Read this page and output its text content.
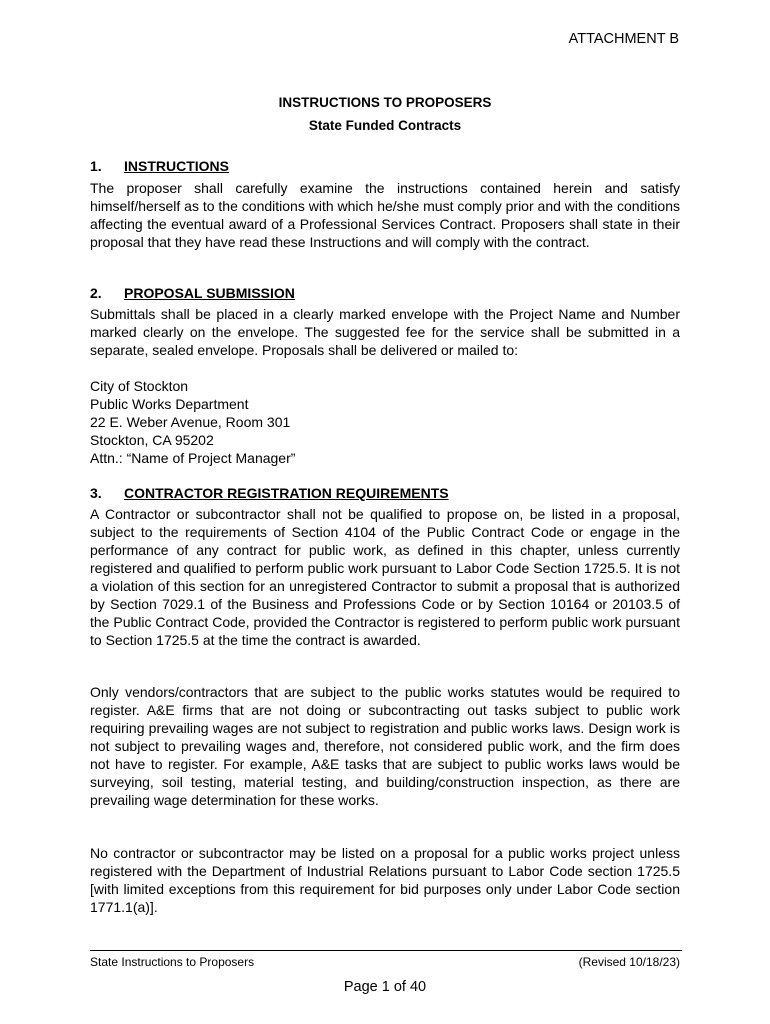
ATTACHMENT B
INSTRUCTIONS TO PROPOSERS
State Funded Contracts
1. INSTRUCTIONS
The proposer shall carefully examine the instructions contained herein and satisfy himself/herself as to the conditions with which he/she must comply prior and with the conditions affecting the eventual award of a Professional Services Contract. Proposers shall state in their proposal that they have read these Instructions and will comply with the contract.
2. PROPOSAL SUBMISSION
Submittals shall be placed in a clearly marked envelope with the Project Name and Number marked clearly on the envelope. The suggested fee for the service shall be submitted in a separate, sealed envelope. Proposals shall be delivered or mailed to:
City of Stockton
Public Works Department
22 E. Weber Avenue, Room 301
Stockton, CA 95202
Attn.: “Name of Project Manager”
3. CONTRACTOR REGISTRATION REQUIREMENTS
A Contractor or subcontractor shall not be qualified to propose on, be listed in a proposal, subject to the requirements of Section 4104 of the Public Contract Code or engage in the performance of any contract for public work, as defined in this chapter, unless currently registered and qualified to perform public work pursuant to Labor Code Section 1725.5. It is not a violation of this section for an unregistered Contractor to submit a proposal that is authorized by Section 7029.1 of the Business and Professions Code or by Section 10164 or 20103.5 of the Public Contract Code, provided the Contractor is registered to perform public work pursuant to Section 1725.5 at the time the contract is awarded.
Only vendors/contractors that are subject to the public works statutes would be required to register. A&E firms that are not doing or subcontracting out tasks subject to public work requiring prevailing wages are not subject to registration and public works laws. Design work is not subject to prevailing wages and, therefore, not considered public work, and the firm does not have to register. For example, A&E tasks that are subject to public works laws would be surveying, soil testing, material testing, and building/construction inspection, as there are prevailing wage determination for these works.
No contractor or subcontractor may be listed on a proposal for a public works project unless registered with the Department of Industrial Relations pursuant to Labor Code section 1725.5 [with limited exceptions from this requirement for bid purposes only under Labor Code section 1771.1(a)].
State Instructions to Proposers	(Revised 10/18/23)
Page 1 of 40
